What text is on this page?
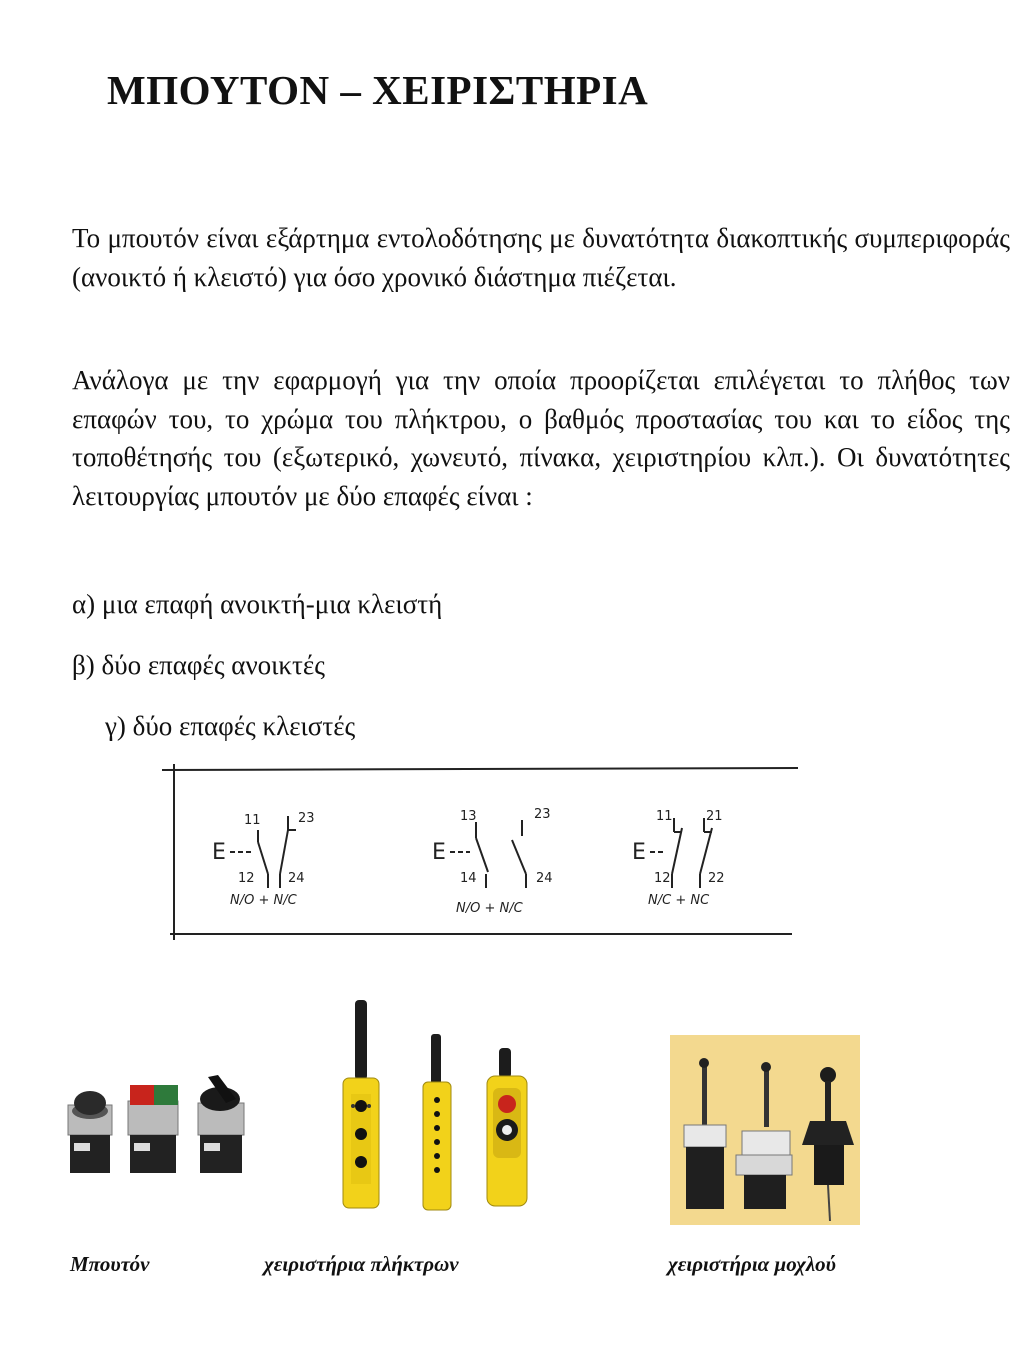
ΜΠΟΥΤΟΝ – ΧΕΙΡΙΣΤΗΡΙΑ
Το μπουτόν είναι εξάρτημα εντολοδότησης με δυνατότητα διακοπτικής συμπεριφοράς (ανοικτό ή κλειστό) για όσο χρονικό διάστημα πιέζεται.
Ανάλογα με την εφαρμογή για την οποία προορίζεται επιλέγεται το πλήθος των επαφών του, το χρώμα του πλήκτρου, ο βαθμός προστασίας του και το είδος της τοποθέτησής του (εξωτερικό, χωνευτό, πίνακα, χειριστηρίου κλπ.). Οι δυνατότητες λειτουργίας μπουτόν με δύο επαφές είναι :
α) μια επαφή ανοικτή-μια κλειστή
β) δύο επαφές ανοικτές
γ) δύο επαφές κλειστές
E
11	23
12	24
N/O + N/C
E
13	23
14	24
N/O + N/C
E
11	21
12	22
N/C + NC
Μπουτόν	χειριστήρια πλήκτρων	χειριστήρια μοχλού
